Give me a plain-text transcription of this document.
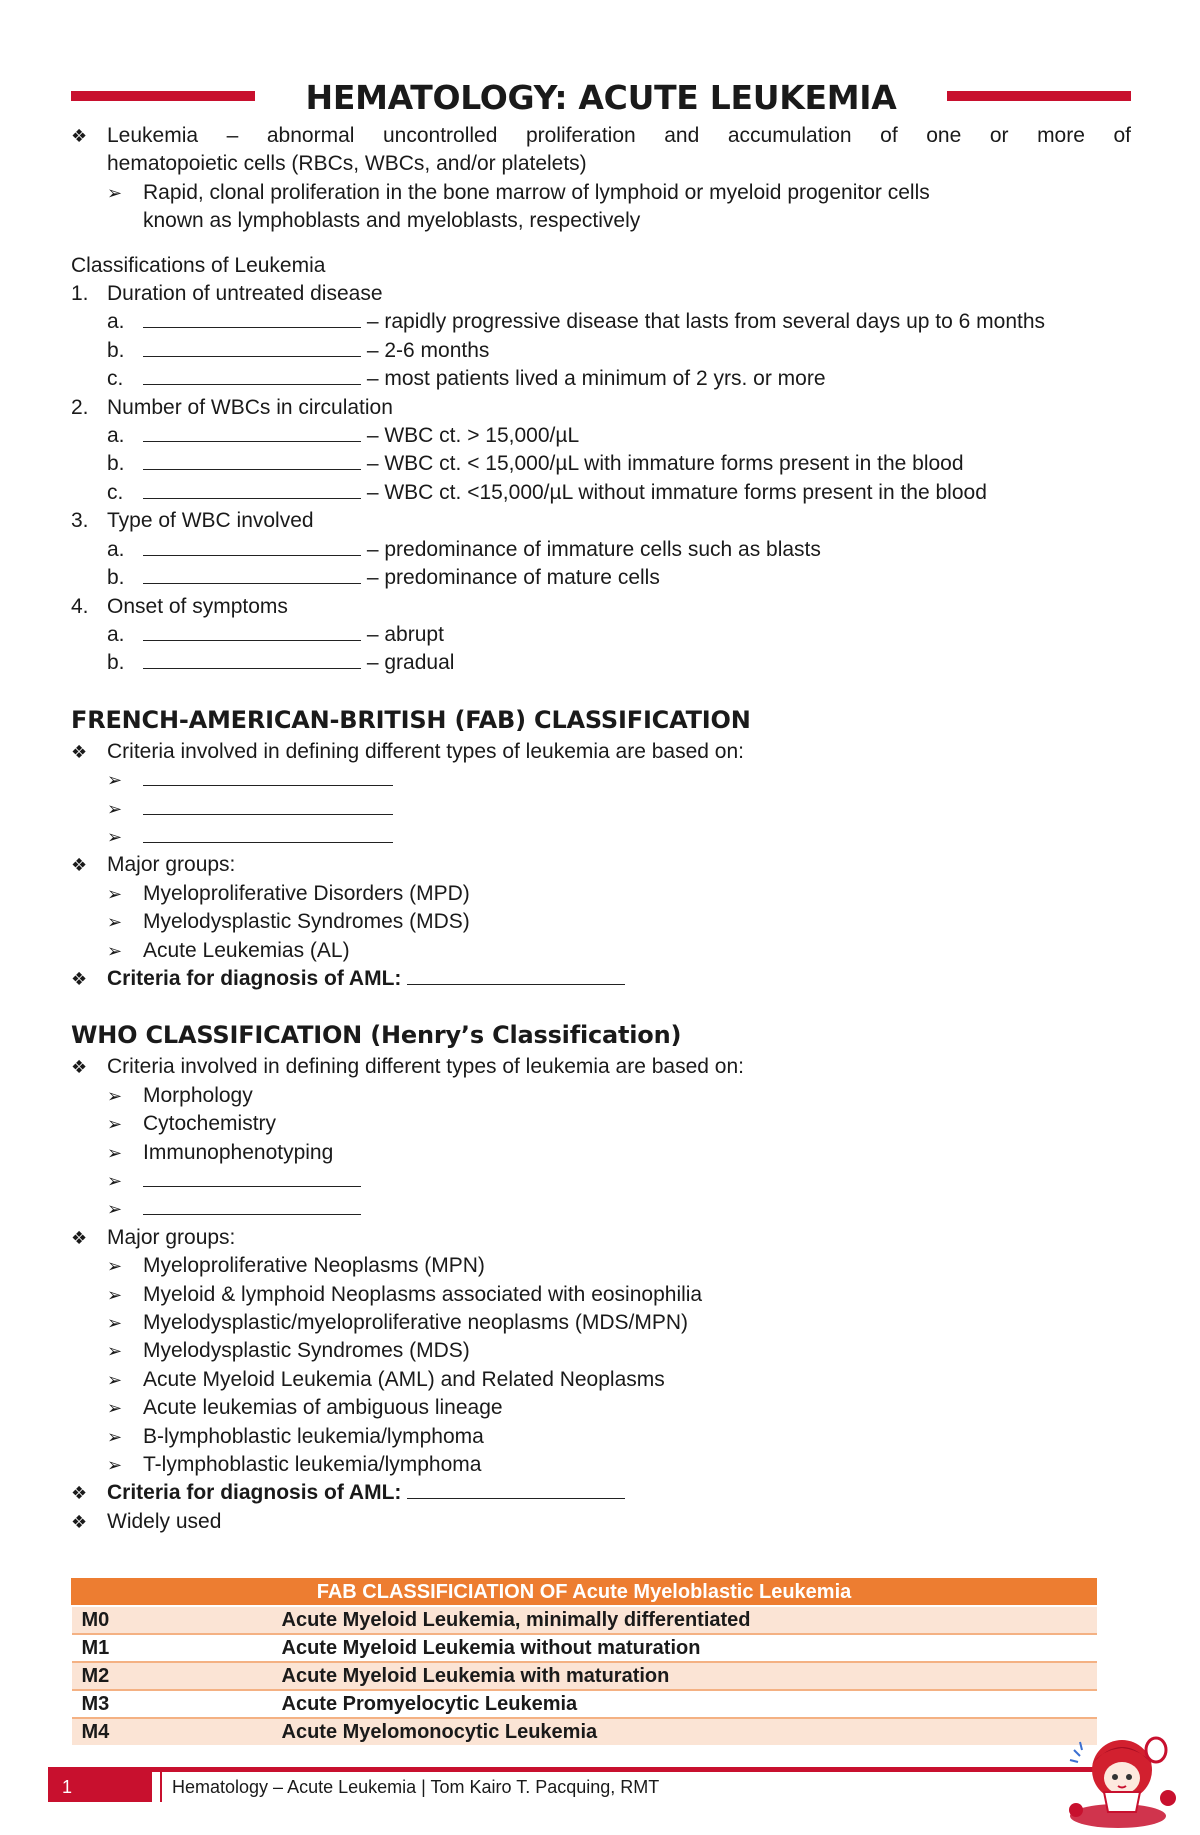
HEMATOLOGY: ACUTE LEUKEMIA
❖ Leukemia – abnormal uncontrolled proliferation and accumulation of one or more of
hematopoietic cells (RBCs, WBCs, and/or platelets)
➢ Rapid, clonal proliferation in the bone marrow of lymphoid or myeloid progenitor cells
known as lymphoblasts and myeloblasts, respectively
Classifications of Leukemia
1. Duration of untreated disease
a.	– rapidly progressive disease that lasts from several days up to 6 months
b.	– 2-6 months
c.	– most patients lived a minimum of 2 yrs. or more
2. Number of WBCs in circulation
a.	– WBC ct. > 15,000/µL
b.	– WBC ct. < 15,000/µL with immature forms present in the blood
c.	– WBC ct. <15,000/µL without immature forms present in the blood
3. Type of WBC involved
a.	– predominance of immature cells such as blasts
b.	– predominance of mature cells
4. Onset of symptoms
a.	– abrupt
b.	– gradual
FRENCH-AMERICAN-BRITISH (FAB) CLASSIFICATION
❖ Criteria involved in defining different types of leukemia are based on:
➢
➢
➢
❖ Major groups:
➢ Myeloproliferative Disorders (MPD)
➢ Myelodysplastic Syndromes (MDS)
➢ Acute Leukemias (AL)
❖ Criteria for diagnosis of AML:
WHO CLASSIFICATION (Henry’s Classification)
❖ Criteria involved in defining different types of leukemia are based on:
➢ Morphology
➢ Cytochemistry
➢ Immunophenotyping
➢
➢
❖ Major groups:
➢ Myeloproliferative Neoplasms (MPN)
➢ Myeloid & lymphoid Neoplasms associated with eosinophilia
➢ Myelodysplastic/myeloproliferative neoplasms (MDS/MPN)
➢ Myelodysplastic Syndromes (MDS)
➢ Acute Myeloid Leukemia (AML) and Related Neoplasms
➢ Acute leukemias of ambiguous lineage
➢ B-lymphoblastic leukemia/lymphoma
➢ T-lymphoblastic leukemia/lymphoma
❖ Criteria for diagnosis of AML:
❖ Widely used
FAB CLASSIFICIATION OF Acute Myeloblastic Leukemia	
M0	Acute Myeloid Leukemia, minimally differentiated
M1	Acute Myeloid Leukemia without maturation
M2	Acute Myeloid Leukemia with maturation
M3	Acute Promyelocytic Leukemia
M4	Acute Myelomonocytic Leukemia
1	Hematology – Acute Leukemia | Tom Kairo T. Pacquing, RMT
